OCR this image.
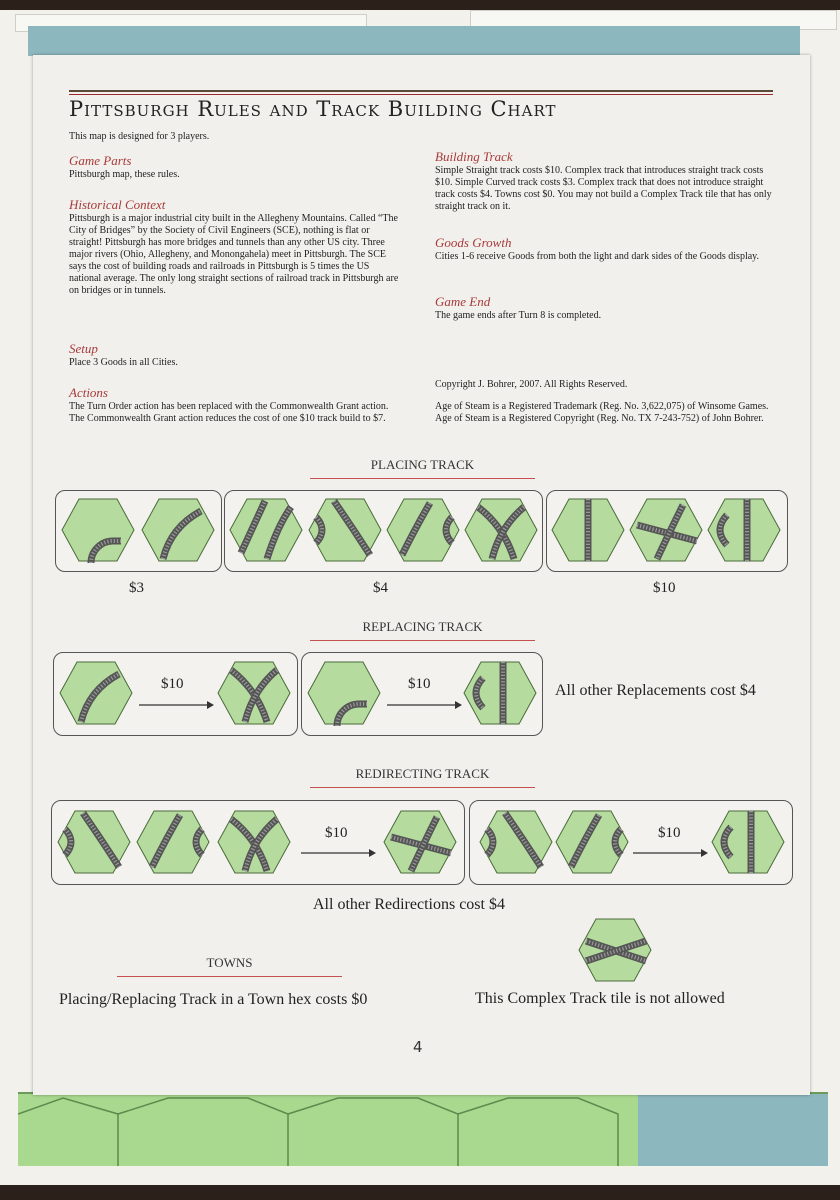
Pittsburgh Rules and Track Building Chart
This map is designed for 3 players.
Game Parts
Pittsburgh map, these rules.
Historical Context
Pittsburgh is a major industrial city built in the Allegheny Mountains. Called “The City of Bridges” by the Society of Civil Engineers (SCE), nothing is flat or straight! Pittsburgh has more bridges and tunnels than any other US city. Three major rivers (Ohio, Allegheny, and Monongahela) meet in Pittsburgh. The SCE says the cost of building roads and railroads in Pittsburgh is 5 times the US national average. The only long straight sections of railroad track in Pittsburgh are on bridges or in tunnels.
Setup
Place 3 Goods in all Cities.
Actions
The Turn Order action has been replaced with the Commonwealth Grant action. The Commonwealth Grant action reduces the cost of one $10 track build to $7.
Building Track
Simple Straight track costs $10. Complex track that introduces straight track costs $10. Simple Curved track costs $3. Complex track that does not introduce straight track costs $4. Towns cost $0. You may not build a Complex Track tile that has only straight track on it.
Goods Growth
Cities 1-6 receive Goods from both the light and dark sides of the Goods display.
Game End
The game ends after Turn 8 is completed.
Copyright J. Bohrer, 2007. All Rights Reserved.
Age of Steam is a Registered Trademark (Reg. No. 3,622,075) of Winsome Games. Age of Steam is a Registered Copyright (Reg. No. TX 7-243-752) of John Bohrer.
PLACING TRACK
$3	$4	$10
REPLACING TRACK
$10	$10	All other Replacements cost $4
REDIRECTING TRACK
$10	$10
All other Redirections cost $4
TOWNS
Placing/Replacing Track in a Town hex costs $0	This Complex Track tile is not allowed
4
